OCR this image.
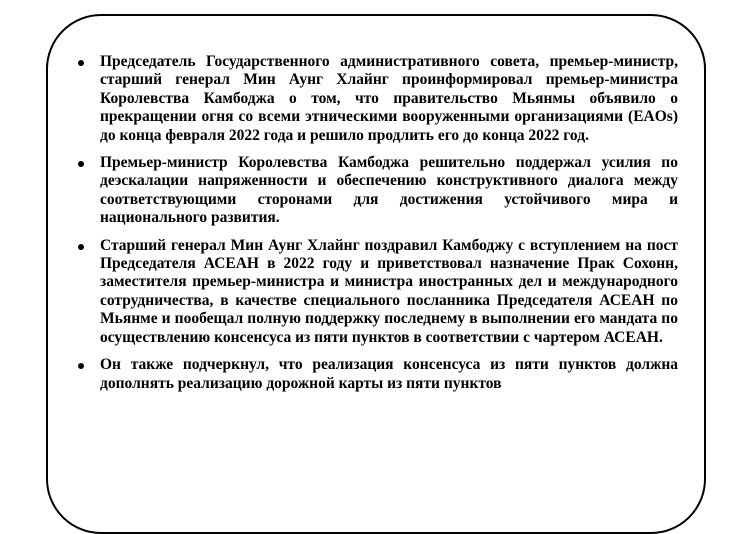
Председатель Государственного административного совета, премьер-министр, старший генерал Мин Аунг Хлайнг проинформировал премьер-министра Королевства Камбоджа о том, что правительство Мьянмы объявило о прекращении огня со всеми этническими вооруженными организациями (EAOs) до конца февраля 2022 года и решило продлить его до конца 2022 год.
Премьер-министр Королевства Камбоджа решительно поддержал усилия по деэскалации напряженности и обеспечению конструктивного диалога между соответствующими сторонами для достижения устойчивого мира и национального развития.
Старший генерал Мин Аунг Хлайнг поздравил Камбоджу с вступлением на пост Председателя АСЕАН в 2022 году и приветствовал назначение Прак Сохонн, заместителя премьер-министра и министра иностранных дел и международного сотрудничества, в качестве специального посланника Председателя АСЕАН по Мьянме и пообещал полную поддержку последнему в выполнении его мандата по осуществлению консенсуса из пяти пунктов в соответствии с чартером АСЕАН.
Он также подчеркнул, что реализация консенсуса из пяти пунктов должна дополнять реализацию дорожной карты из пяти пунктов
